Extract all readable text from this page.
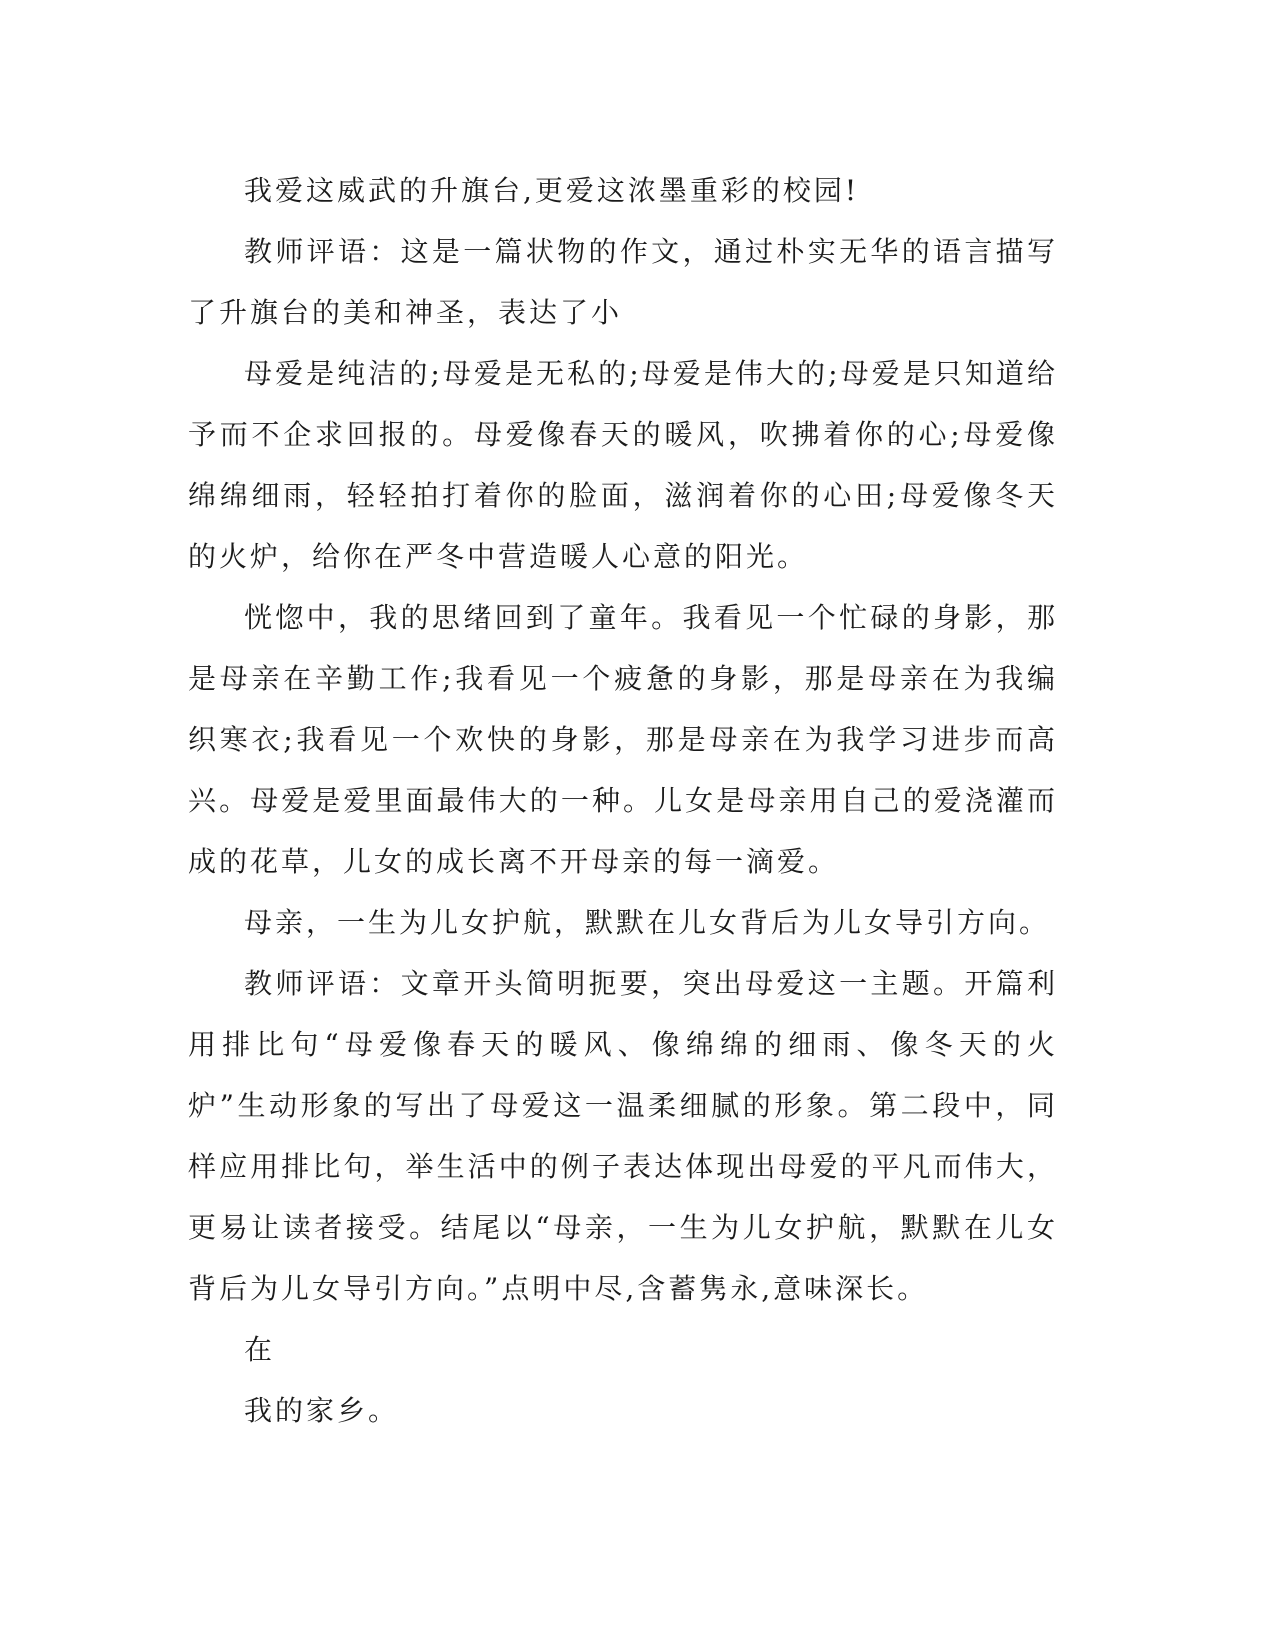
我爱这威武的升旗台,更爱这浓墨重彩的校园!

教师评语：这是一篇状物的作文，通过朴实无华的语言描写了升旗台的美和神圣，表达了小

母爱是纯洁的;母爱是无私的;母爱是伟大的;母爱是只知道给予而不企求回报的。母爱像春天的暖风，吹拂着你的心;母爱像绵绵细雨，轻轻拍打着你的脸面，滋润着你的心田;母爱像冬天的火炉，给你在严冬中营造暖人心意的阳光。

恍惚中，我的思绪回到了童年。我看见一个忙碌的身影，那是母亲在辛勤工作;我看见一个疲惫的身影，那是母亲在为我编织寒衣;我看见一个欢快的身影，那是母亲在为我学习进步而高兴。母爱是爱里面最伟大的一种。儿女是母亲用自己的爱浇灌而成的花草，儿女的成长离不开母亲的每一滴爱。

母亲，一生为儿女护航，默默在儿女背后为儿女导引方向。

教师评语：文章开头简明扼要，突出母爱这一主题。开篇利用排比句“母爱像春天的暖风、像绵绵的细雨、像冬天的火炉”生动形象的写出了母爱这一温柔细腻的形象。第二段中，同样应用排比句，举生活中的例子表达体现出母爱的平凡而伟大，更易让读者接受。结尾以“母亲，一生为儿女护航，默默在儿女背后为儿女导引方向。”点明中尽,含蓄隽永,意味深长。

在

我的家乡。
